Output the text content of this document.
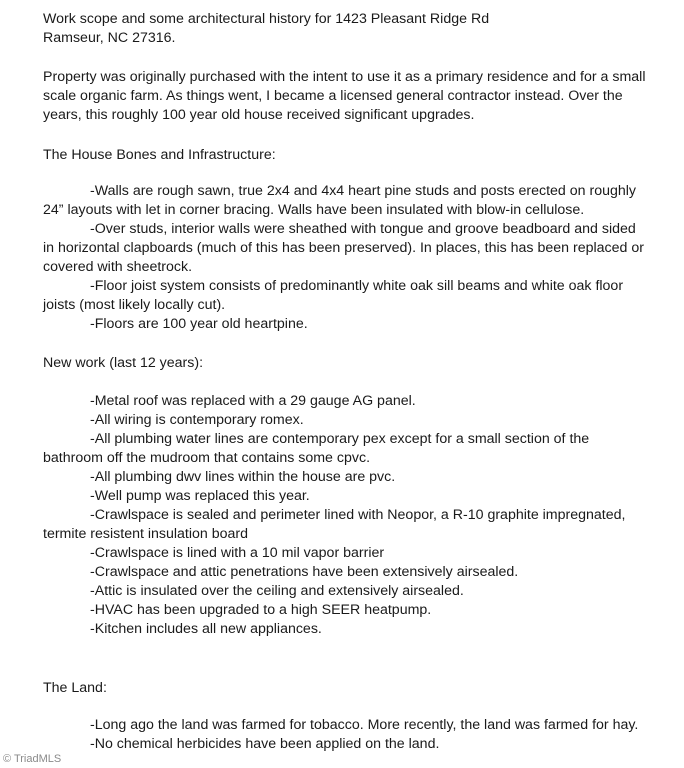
Work scope and some architectural history for 1423 Pleasant Ridge Rd

Ramseur, NC 27316.

Property was originally purchased with the intent to use it as a primary residence and for a small

scale organic farm. As things went, I became a licensed general contractor instead. Over the

years, this roughly 100 year old house received significant upgrades.

The House Bones and Infrastructure:

-Walls are rough sawn, true 2x4 and 4x4 heart pine studs and posts erected on roughly

24” layouts with let in corner bracing. Walls have been insulated with blow-in cellulose.

-Over studs, interior walls were sheathed with tongue and groove beadboard and sided

in horizontal clapboards (much of this has been preserved). In places, this has been replaced or

covered with sheetrock.

-Floor joist system consists of predominantly white oak sill beams and white oak floor

joists (most likely locally cut).

-Floors are 100 year old heartpine.

New work (last 12 years):

-Metal roof was replaced with a 29 gauge AG panel.

-All wiring is contemporary romex.

-All plumbing water lines are contemporary pex except for a small section of the

bathroom off the mudroom that contains some cpvc.

-All plumbing dwv lines within the house are pvc.

-Well pump was replaced this year.

-Crawlspace is sealed and perimeter lined with Neopor, a R-10 graphite impregnated,

termite resistent insulation board

-Crawlspace is lined with a 10 mil vapor barrier

-Crawlspace and attic penetrations have been extensively airsealed.

-Attic is insulated over the ceiling and extensively airsealed.

-HVAC has been upgraded to a high SEER heatpump.

-Kitchen includes all new appliances.

The Land:

-Long ago the land was farmed for tobacco. More recently, the land was farmed for hay.

-No chemical herbicides have been applied on the land.

© TriadMLS
